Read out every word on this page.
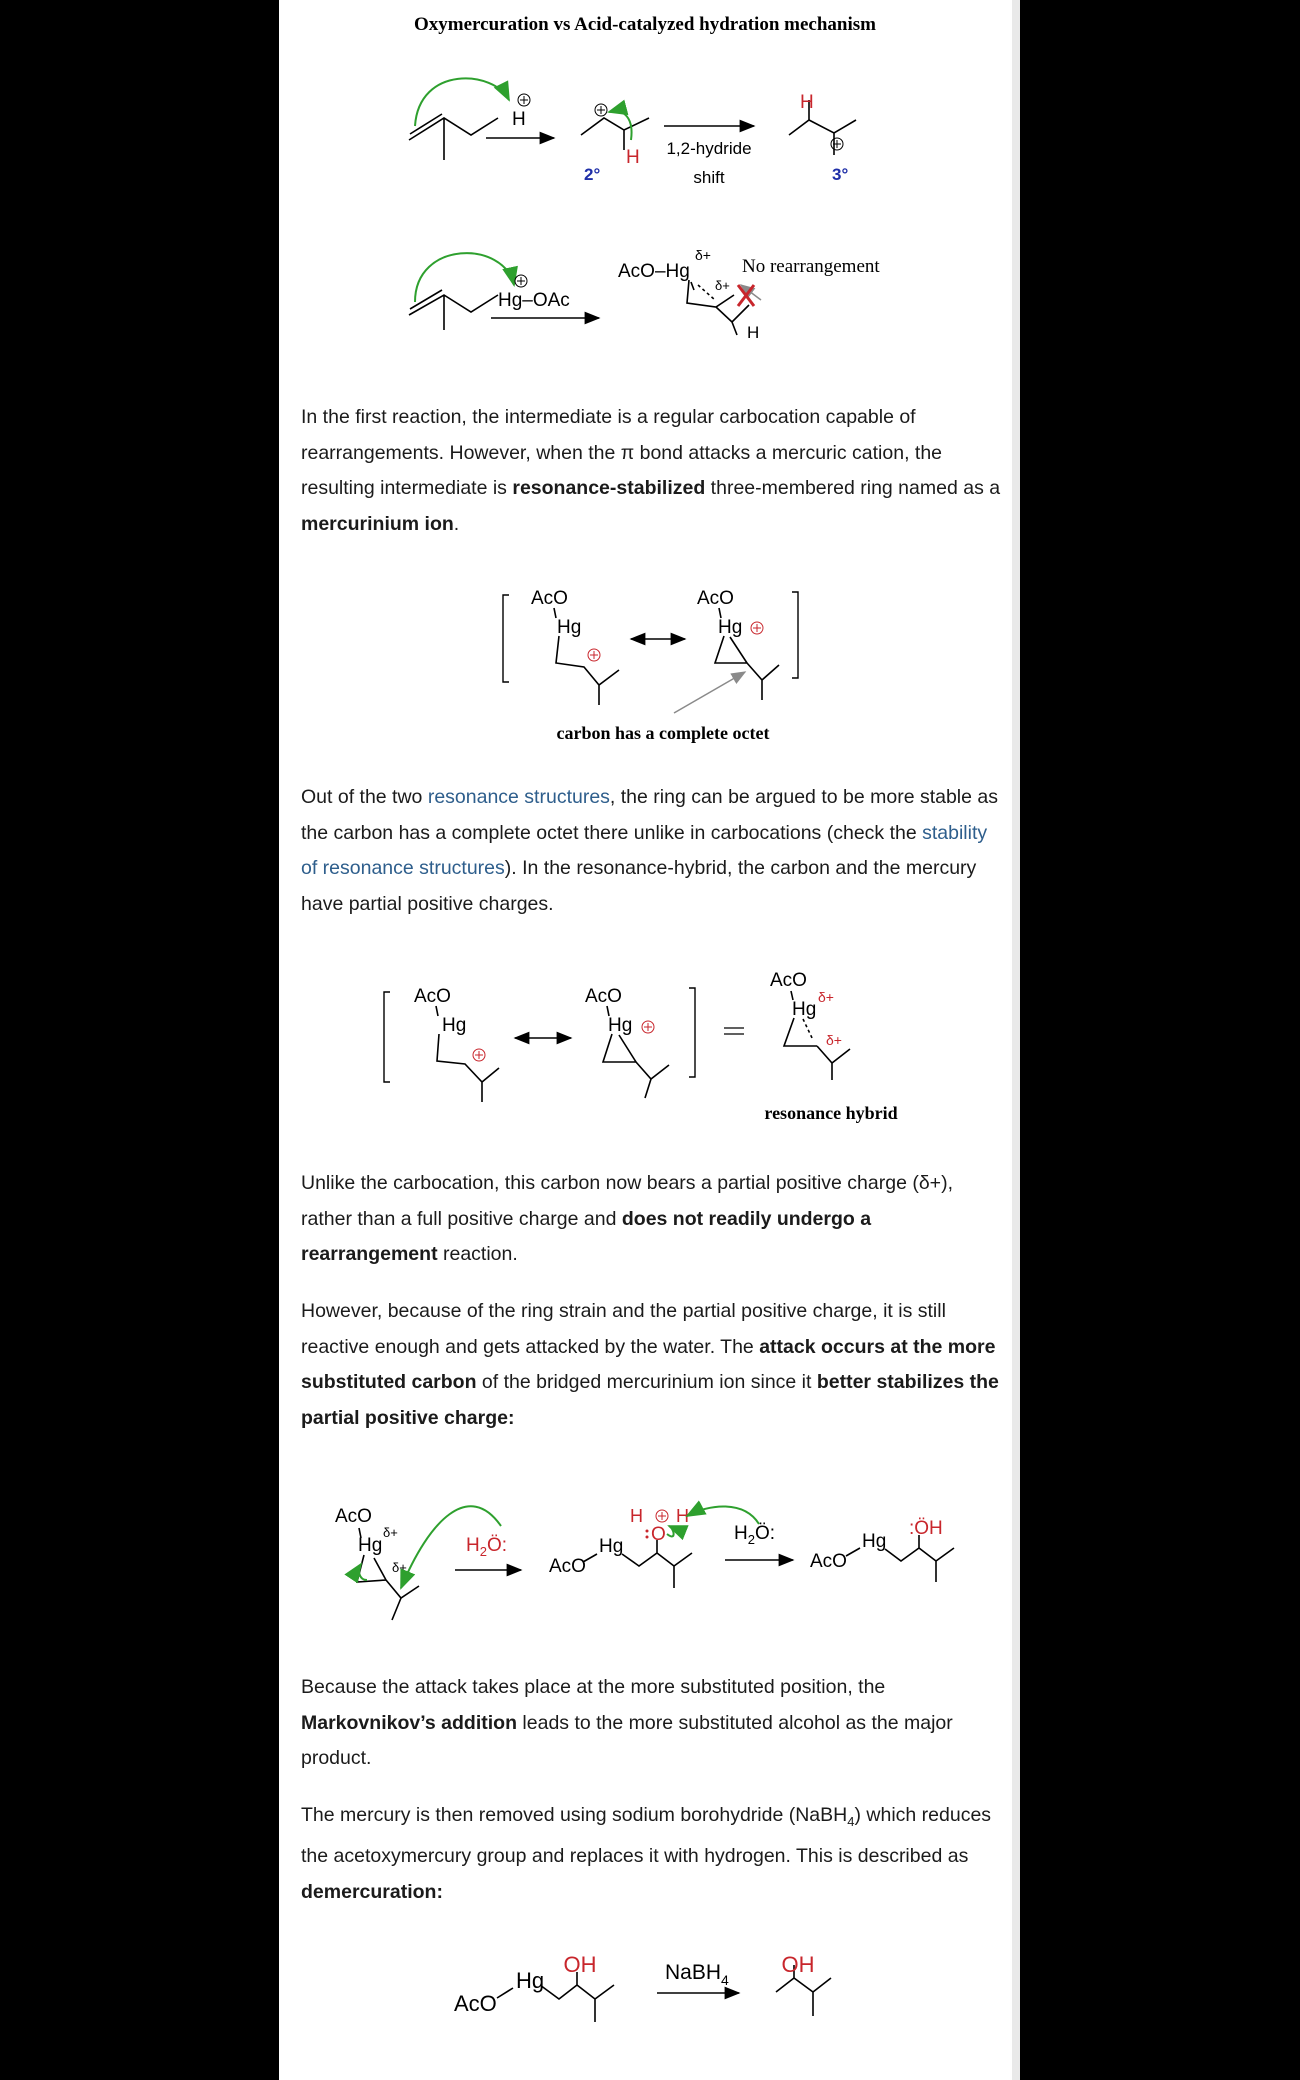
Oxymercuration vs Acid-catalyzed hydration mechanism
H
H
2°
1,2-hydride
shift
H
3°
Hg–OAc
AcO–Hg
δ+
δ+
H
No rearrangement

In the first reaction, the intermediate is a regular carbocation capable of rearrangements. However, when the π bond attacks a mercuric cation, the resulting intermediate is resonance-stabilized three-membered ring named as a mercurinium ion.

AcO
Hg
AcO
Hg
carbon has a complete octet

Out of the two resonance structures, the ring can be argued to be more stable as the carbon has a complete octet there unlike in carbocations (check the stability of resonance structures). In the resonance-hybrid, the carbon and the mercury have partial positive charges.

AcO
Hg
AcO
Hg
AcO
Hg
δ+
δ+
resonance hybrid

Unlike the carbocation, this carbon now bears a partial positive charge (δ+), rather than a full positive charge and does not readily undergo a rearrangement reaction.

However, because of the ring strain and the partial positive charge, it is still reactive enough and gets attacked by the water. The attack occurs at the more substituted carbon of the bridged mercurinium ion since it better stabilizes the partial positive charge:

AcO
Hg
δ+
δ+
$H_2Ö$:
AcO
Hg
H H
O	$H_2Ö$:
AcO
Hg
:ÖH

Because the attack takes place at the more substituted position, the Markovnikov’s addition leads to the more substituted alcohol as the major product.

The mercury is then removed using sodium borohydride (NaBH$_4$) which reduces the acetoxymercury group and replaces it with hydrogen. This is described as demercuration:

AcO
Hg
OH	NaBH$_4$
OH
